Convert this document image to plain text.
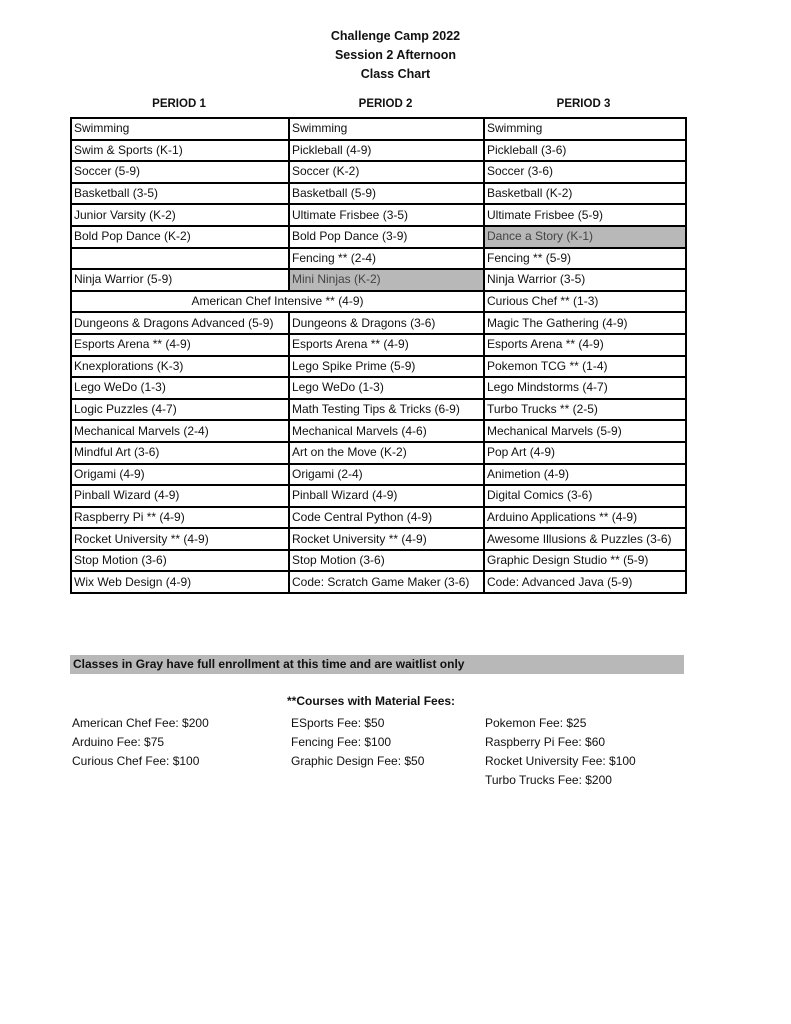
Challenge Camp 2022
Session 2 Afternoon
Class Chart
PERIOD 1	PERIOD 2	PERIOD 3
Swimming	Swimming	Swimming
Swim & Sports (K-1)	Pickleball (4-9)	Pickleball (3-6)
Soccer (5-9)	Soccer (K-2)	Soccer (3-6)
Basketball (3-5)	Basketball (5-9)	Basketball (K-2)
Junior Varsity (K-2)	Ultimate Frisbee (3-5)	Ultimate Frisbee (5-9)
Bold Pop Dance (K-2)	Bold Pop Dance (3-9)	Dance a Story (K-1)
	Fencing ** (2-4)	Fencing ** (5-9)
Ninja Warrior (5-9)	Mini Ninjas (K-2)	Ninja Warrior (3-5)
American Chef Intensive ** (4-9)		Curious Chef ** (1-3)
Dungeons & Dragons Advanced (5-9)	Dungeons & Dragons (3-6)	Magic The Gathering (4-9)
Esports Arena ** (4-9)	Esports Arena ** (4-9)	Esports Arena ** (4-9)
Knexplorations (K-3)	Lego Spike Prime (5-9)	Pokemon TCG ** (1-4)
Lego WeDo (1-3)	Lego WeDo (1-3)	Lego Mindstorms (4-7)
Logic Puzzles (4-7)	Math Testing Tips & Tricks (6-9)	Turbo Trucks ** (2-5)
Mechanical Marvels (2-4)	Mechanical Marvels (4-6)	Mechanical Marvels (5-9)
Mindful Art (3-6)	Art on the Move (K-2)	Pop Art (4-9)
Origami (4-9)	Origami (2-4)	Animetion (4-9)
Pinball Wizard (4-9)	Pinball Wizard (4-9)	Digital Comics (3-6)
Raspberry Pi ** (4-9)	Code Central Python (4-9)	Arduino Applications ** (4-9)
Rocket University ** (4-9)	Rocket University ** (4-9)	Awesome Illusions & Puzzles (3-6)
Stop Motion (3-6)	Stop Motion (3-6)	Graphic Design Studio ** (5-9)
Wix Web Design (4-9)	Code: Scratch Game Maker (3-6)	Code: Advanced Java (5-9)
Classes in Gray have full enrollment at this time and are waitlist only
**Courses with Material Fees:
American Chef Fee: $200
Arduino Fee: $75
Curious Chef Fee: $100
ESports Fee: $50
Fencing Fee: $100
Graphic Design Fee: $50
Pokemon Fee: $25
Raspberry Pi Fee: $60
Rocket University Fee: $100
Turbo Trucks Fee: $200
